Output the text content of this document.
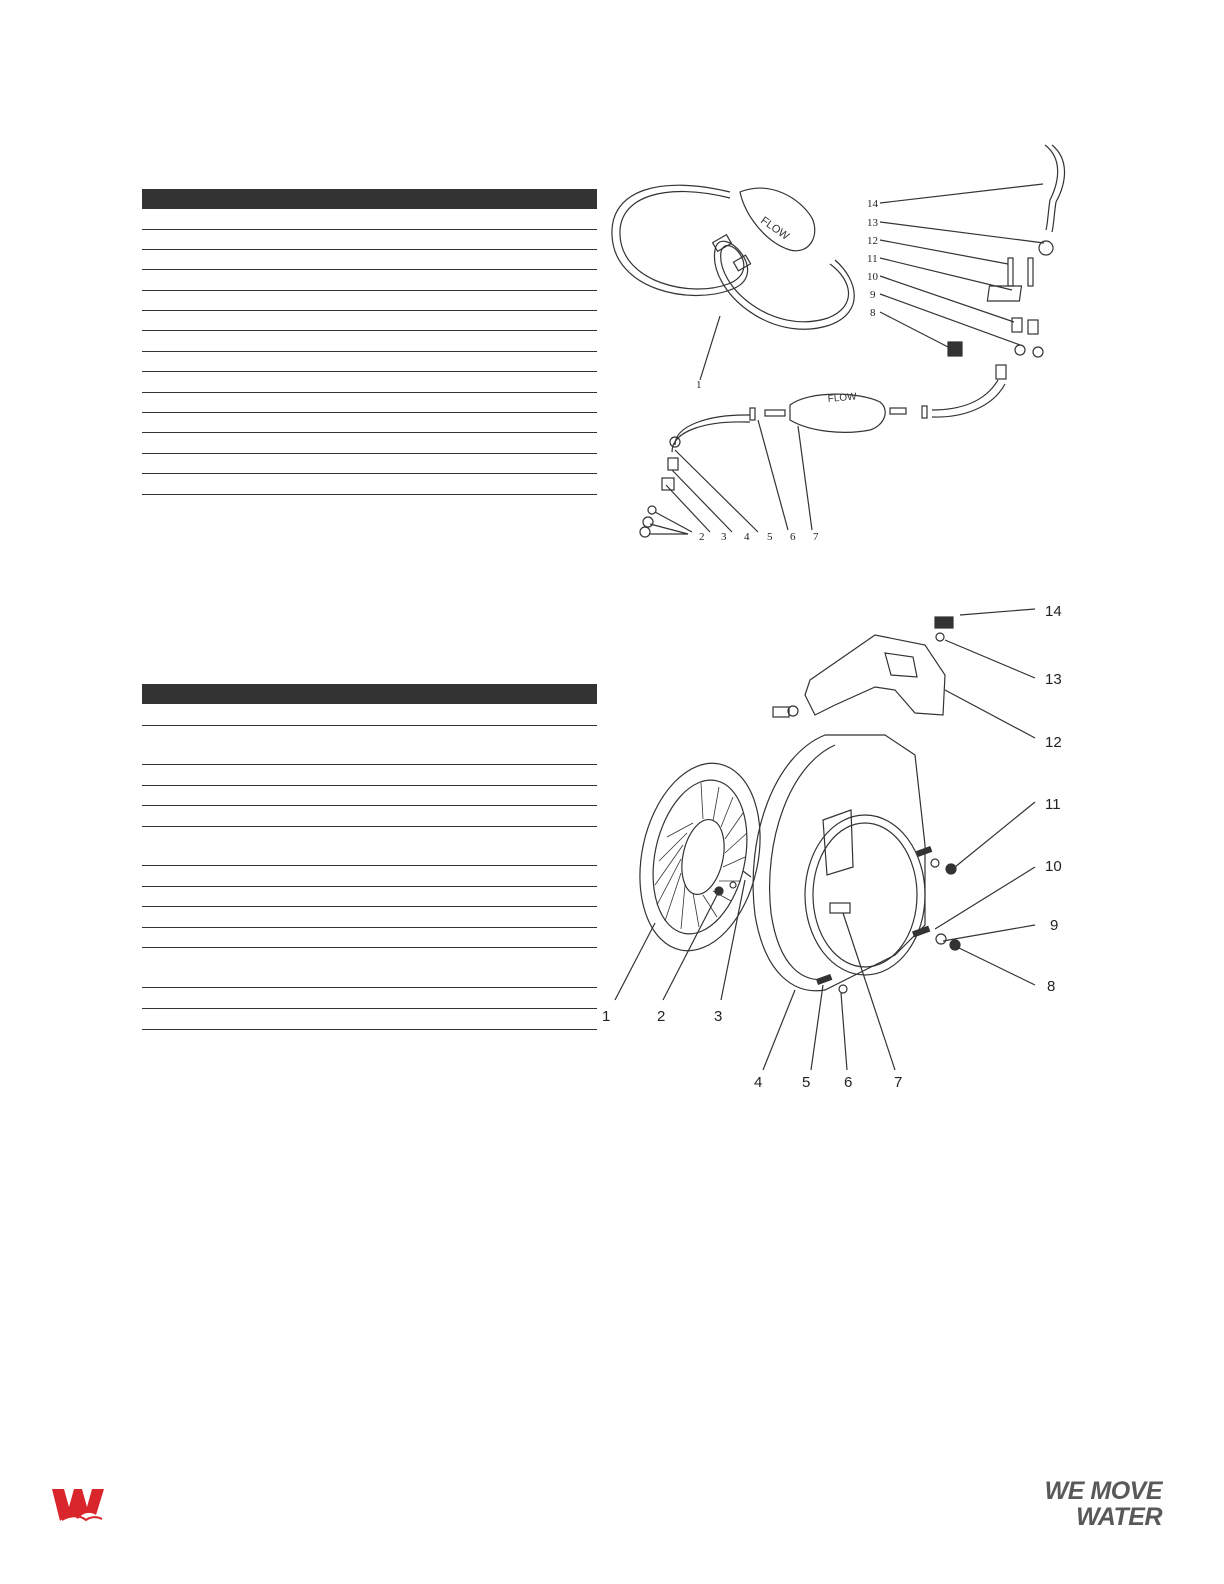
FLOW
FLOW
1
2 3 4 5 6 7
8
9
10
11
12
13
14
14
13
12
11
10
9
8
1	2	3
4	5 6	7
WE MOVE
WATER
